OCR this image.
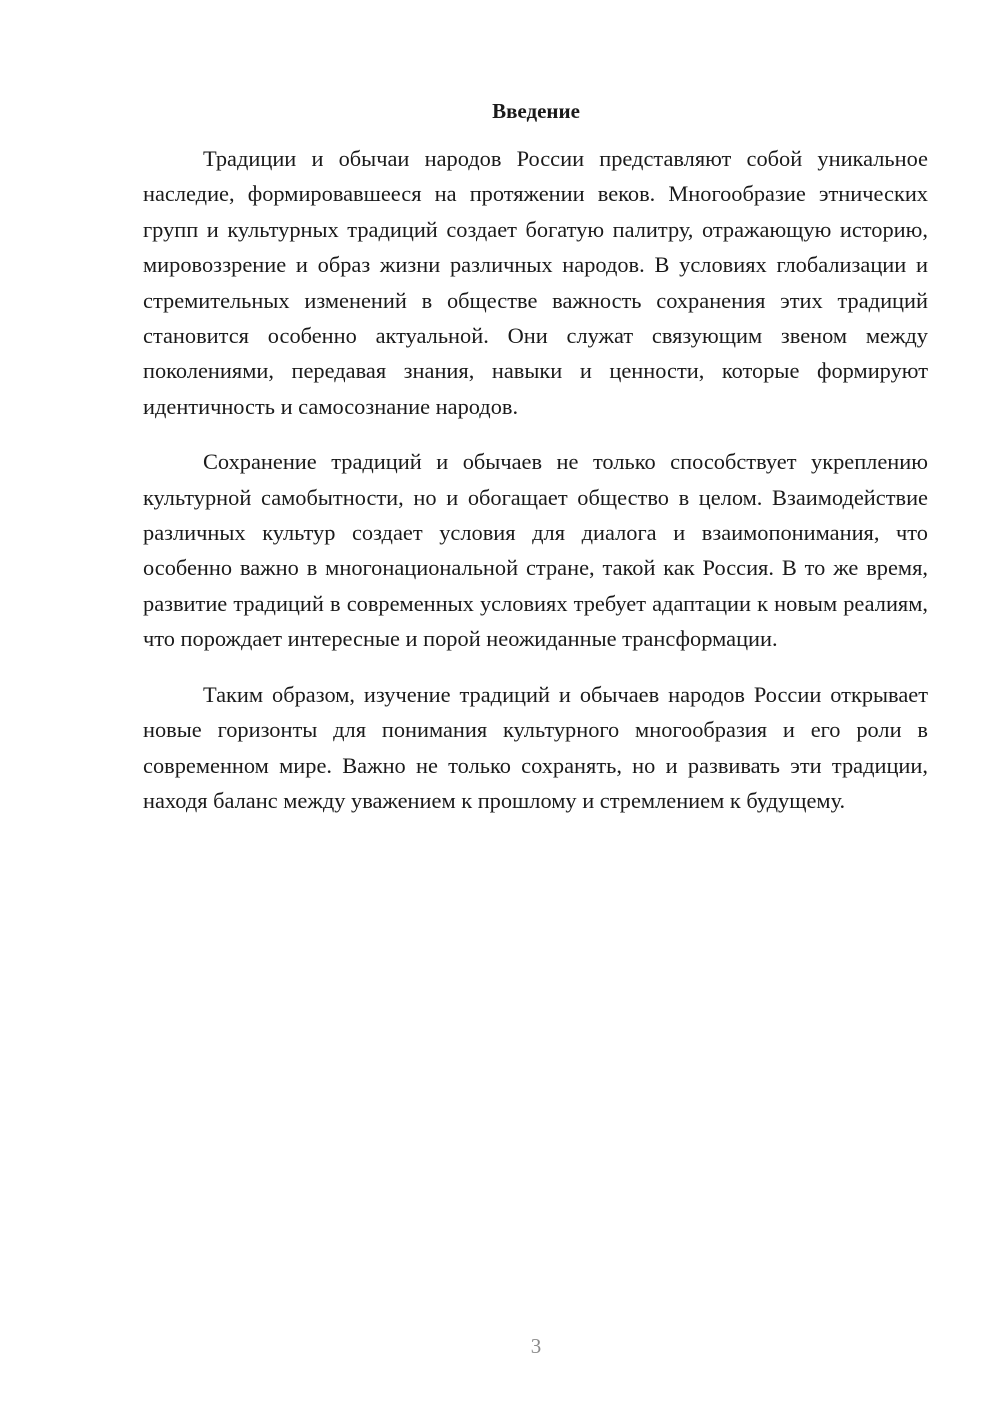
Введение

Традиции и обычаи народов России представляют собой уникальное наследие, формировавшееся на протяжении веков. Многообразие этнических групп и культурных традиций создает богатую палитру, отражающую историю, мировоззрение и образ жизни различных народов. В условиях глобализации и стремительных изменений в обществе важность сохранения этих традиций становится особенно актуальной. Они служат связующим звеном между поколениями, передавая знания, навыки и ценности, которые формируют идентичность и самосознание народов.

Сохранение традиций и обычаев не только способствует укреплению культурной самобытности, но и обогащает общество в целом. Взаимодействие различных культур создает условия для диалога и взаимопонимания, что особенно важно в многонациональной стране, такой как Россия. В то же время, развитие традиций в современных условиях требует адаптации к новым реалиям, что порождает интересные и порой неожиданные трансформации.

Таким образом, изучение традиций и обычаев народов России открывает новые горизонты для понимания культурного многообразия и его роли в современном мире. Важно не только сохранять, но и развивать эти традиции, находя баланс между уважением к прошлому и стремлением к будущему.

3
